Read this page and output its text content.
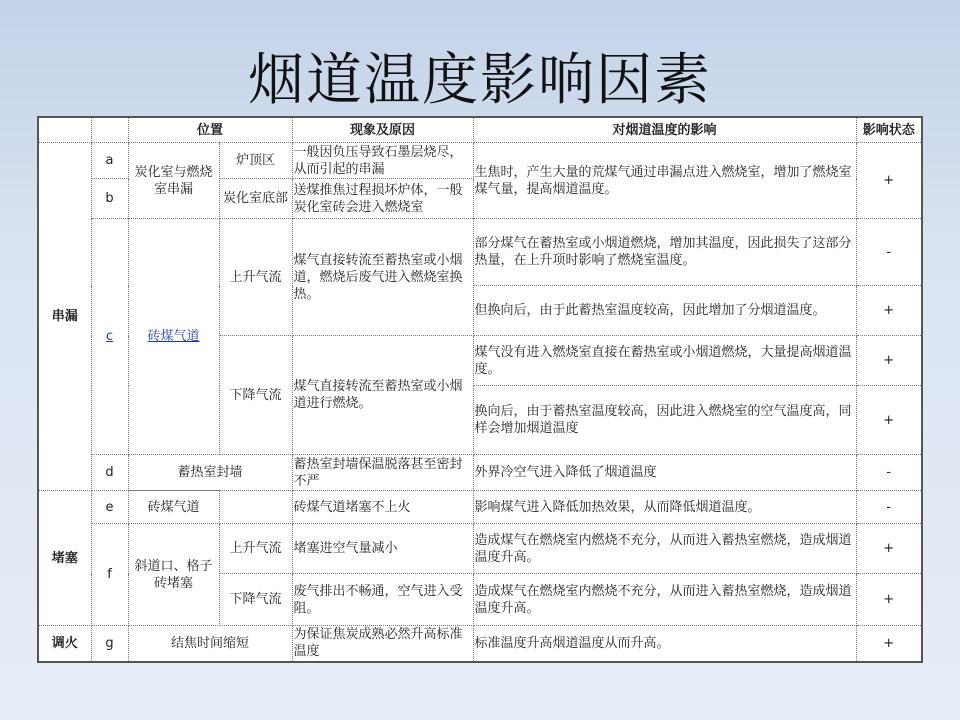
烟道温度影响因素
		位置		现象及原因	对烟道温度的影响	影响状态
串漏	a	炭化室与燃烧室串漏	炉顶区	一般因负压导致石墨层烧尽，从而引起的串漏	生焦时，产生大量的荒煤气通过串漏点进入燃烧室，增加了燃烧室煤气量，提高烟道温度。	+
	b		炭化室底部	送煤推焦过程损坏炉体，一般炭化室砖会进入燃烧室		
	c	砖煤气道	上升气流	煤气直接转流至蓄热室或小烟道，燃烧后废气进入燃烧室换热。	部分煤气在蓄热室或小烟道燃烧，增加其温度，因此损失了这部分热量，在上升项时影响了燃烧室温度。	-
					但换向后，由于此蓄热室温度较高，因此增加了分烟道温度。	+
			下降气流	煤气直接转流至蓄热室或小烟道进行燃烧。	煤气没有进入燃烧室直接在蓄热室或小烟道燃烧，大量提高烟道温度。	+
					换向后，由于蓄热室温度较高，因此进入燃烧室的空气温度高，同样会增加烟道温度	+
	d	蓄热室封墙		蓄热室封墙保温脱落甚至密封不严	外界冷空气进入降低了烟道温度	-

堵塞	e	砖煤气道		砖煤气道堵塞不上火	影响煤气进入降低加热效果，从而降低烟道温度。	-
	f	斜道口、格子砖堵塞	上升气流	堵塞进空气量减小	造成煤气在燃烧室内燃烧不充分，从而进入蓄热室燃烧，造成烟道温度升高。	+
			下降气流	废气排出不畅通，空气进入受阻。	造成煤气在燃烧室内燃烧不充分，从而进入蓄热室燃烧，造成烟道温度升高。	+
调火	g	结焦时间缩短		为保证焦炭成熟必然升高标准温度	标准温度升高烟道温度从而升高。	+
